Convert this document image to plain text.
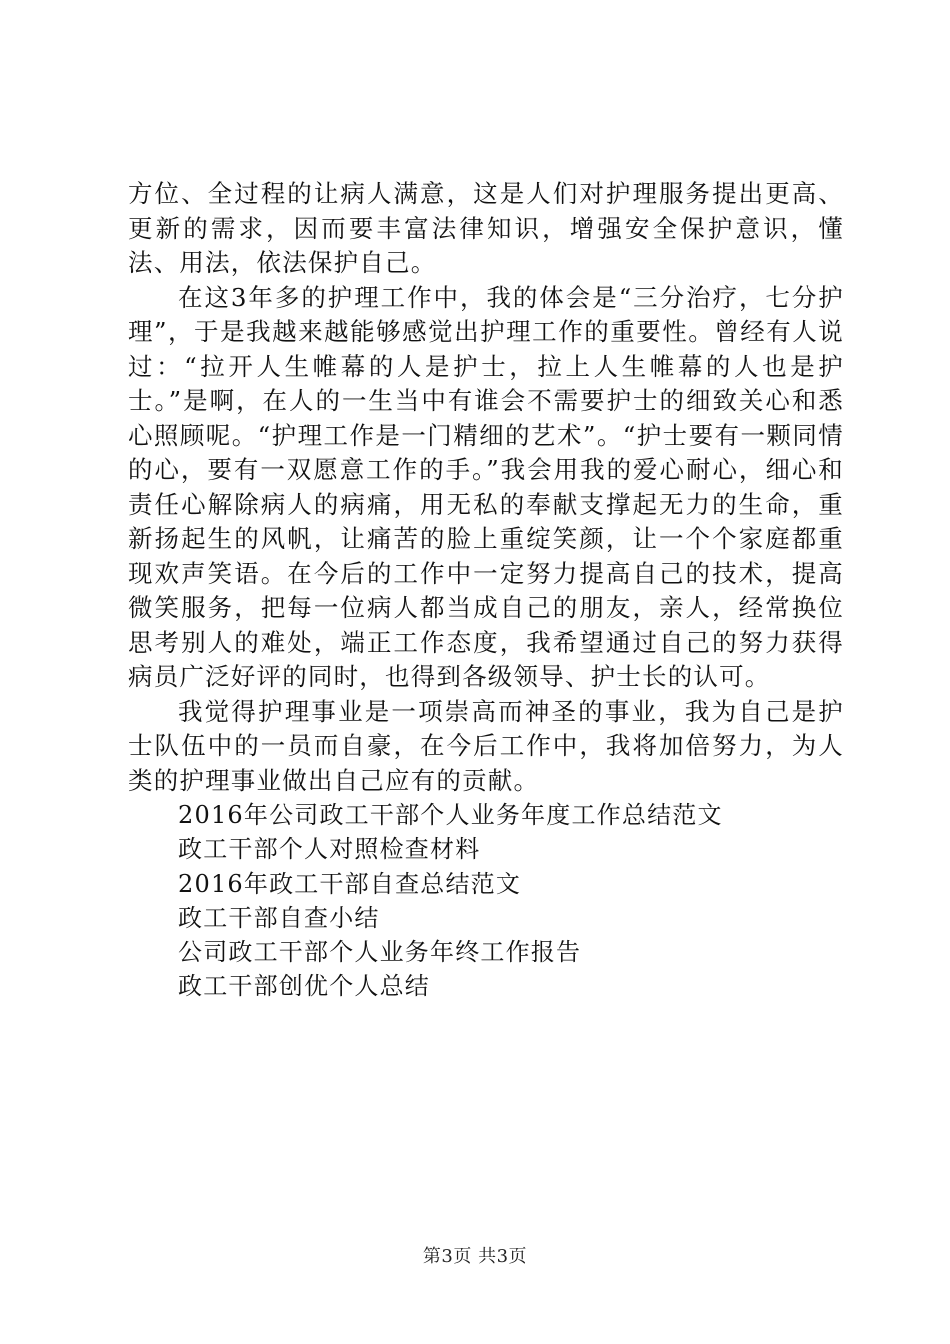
方位、全过程的让病人满意，这是人们对护理服务提出更高、更新的需求，因而要丰富法律知识，增强安全保护意识，懂法、用法，依法保护自己。

在这3年多的护理工作中，我的体会是“三分治疗，七分护理”，于是我越来越能够感觉出护理工作的重要性。曾经有人说过：“拉开人生帷幕的人是护士，拉上人生帷幕的人也是护士。”是啊，在人的一生当中有谁会不需要护士的细致关心和悉心照顾呢。“护理工作是一门精细的艺术”。“护士要有一颗同情的心，要有一双愿意工作的手。”我会用我的爱心耐心，细心和责任心解除病人的病痛，用无私的奉献支撑起无力的生命，重新扬起生的风帆，让痛苦的脸上重绽笑颜，让一个个家庭都重现欢声笑语。在今后的工作中一定努力提高自己的技术，提高微笑服务，把每一位病人都当成自己的朋友，亲人，经常换位思考别人的难处，端正工作态度，我希望通过自己的努力获得病员广泛好评的同时，也得到各级领导、护士长的认可。

我觉得护理事业是一项崇高而神圣的事业，我为自己是护士队伍中的一员而自豪，在今后工作中，我将加倍努力，为人类的护理事业做出自己应有的贡献。

2016年公司政工干部个人业务年度工作总结范文
政工干部个人对照检查材料
2016年政工干部自查总结范文
政工干部自查小结
公司政工干部个人业务年终工作报告
政工干部创优个人总结
第3页 共3页
